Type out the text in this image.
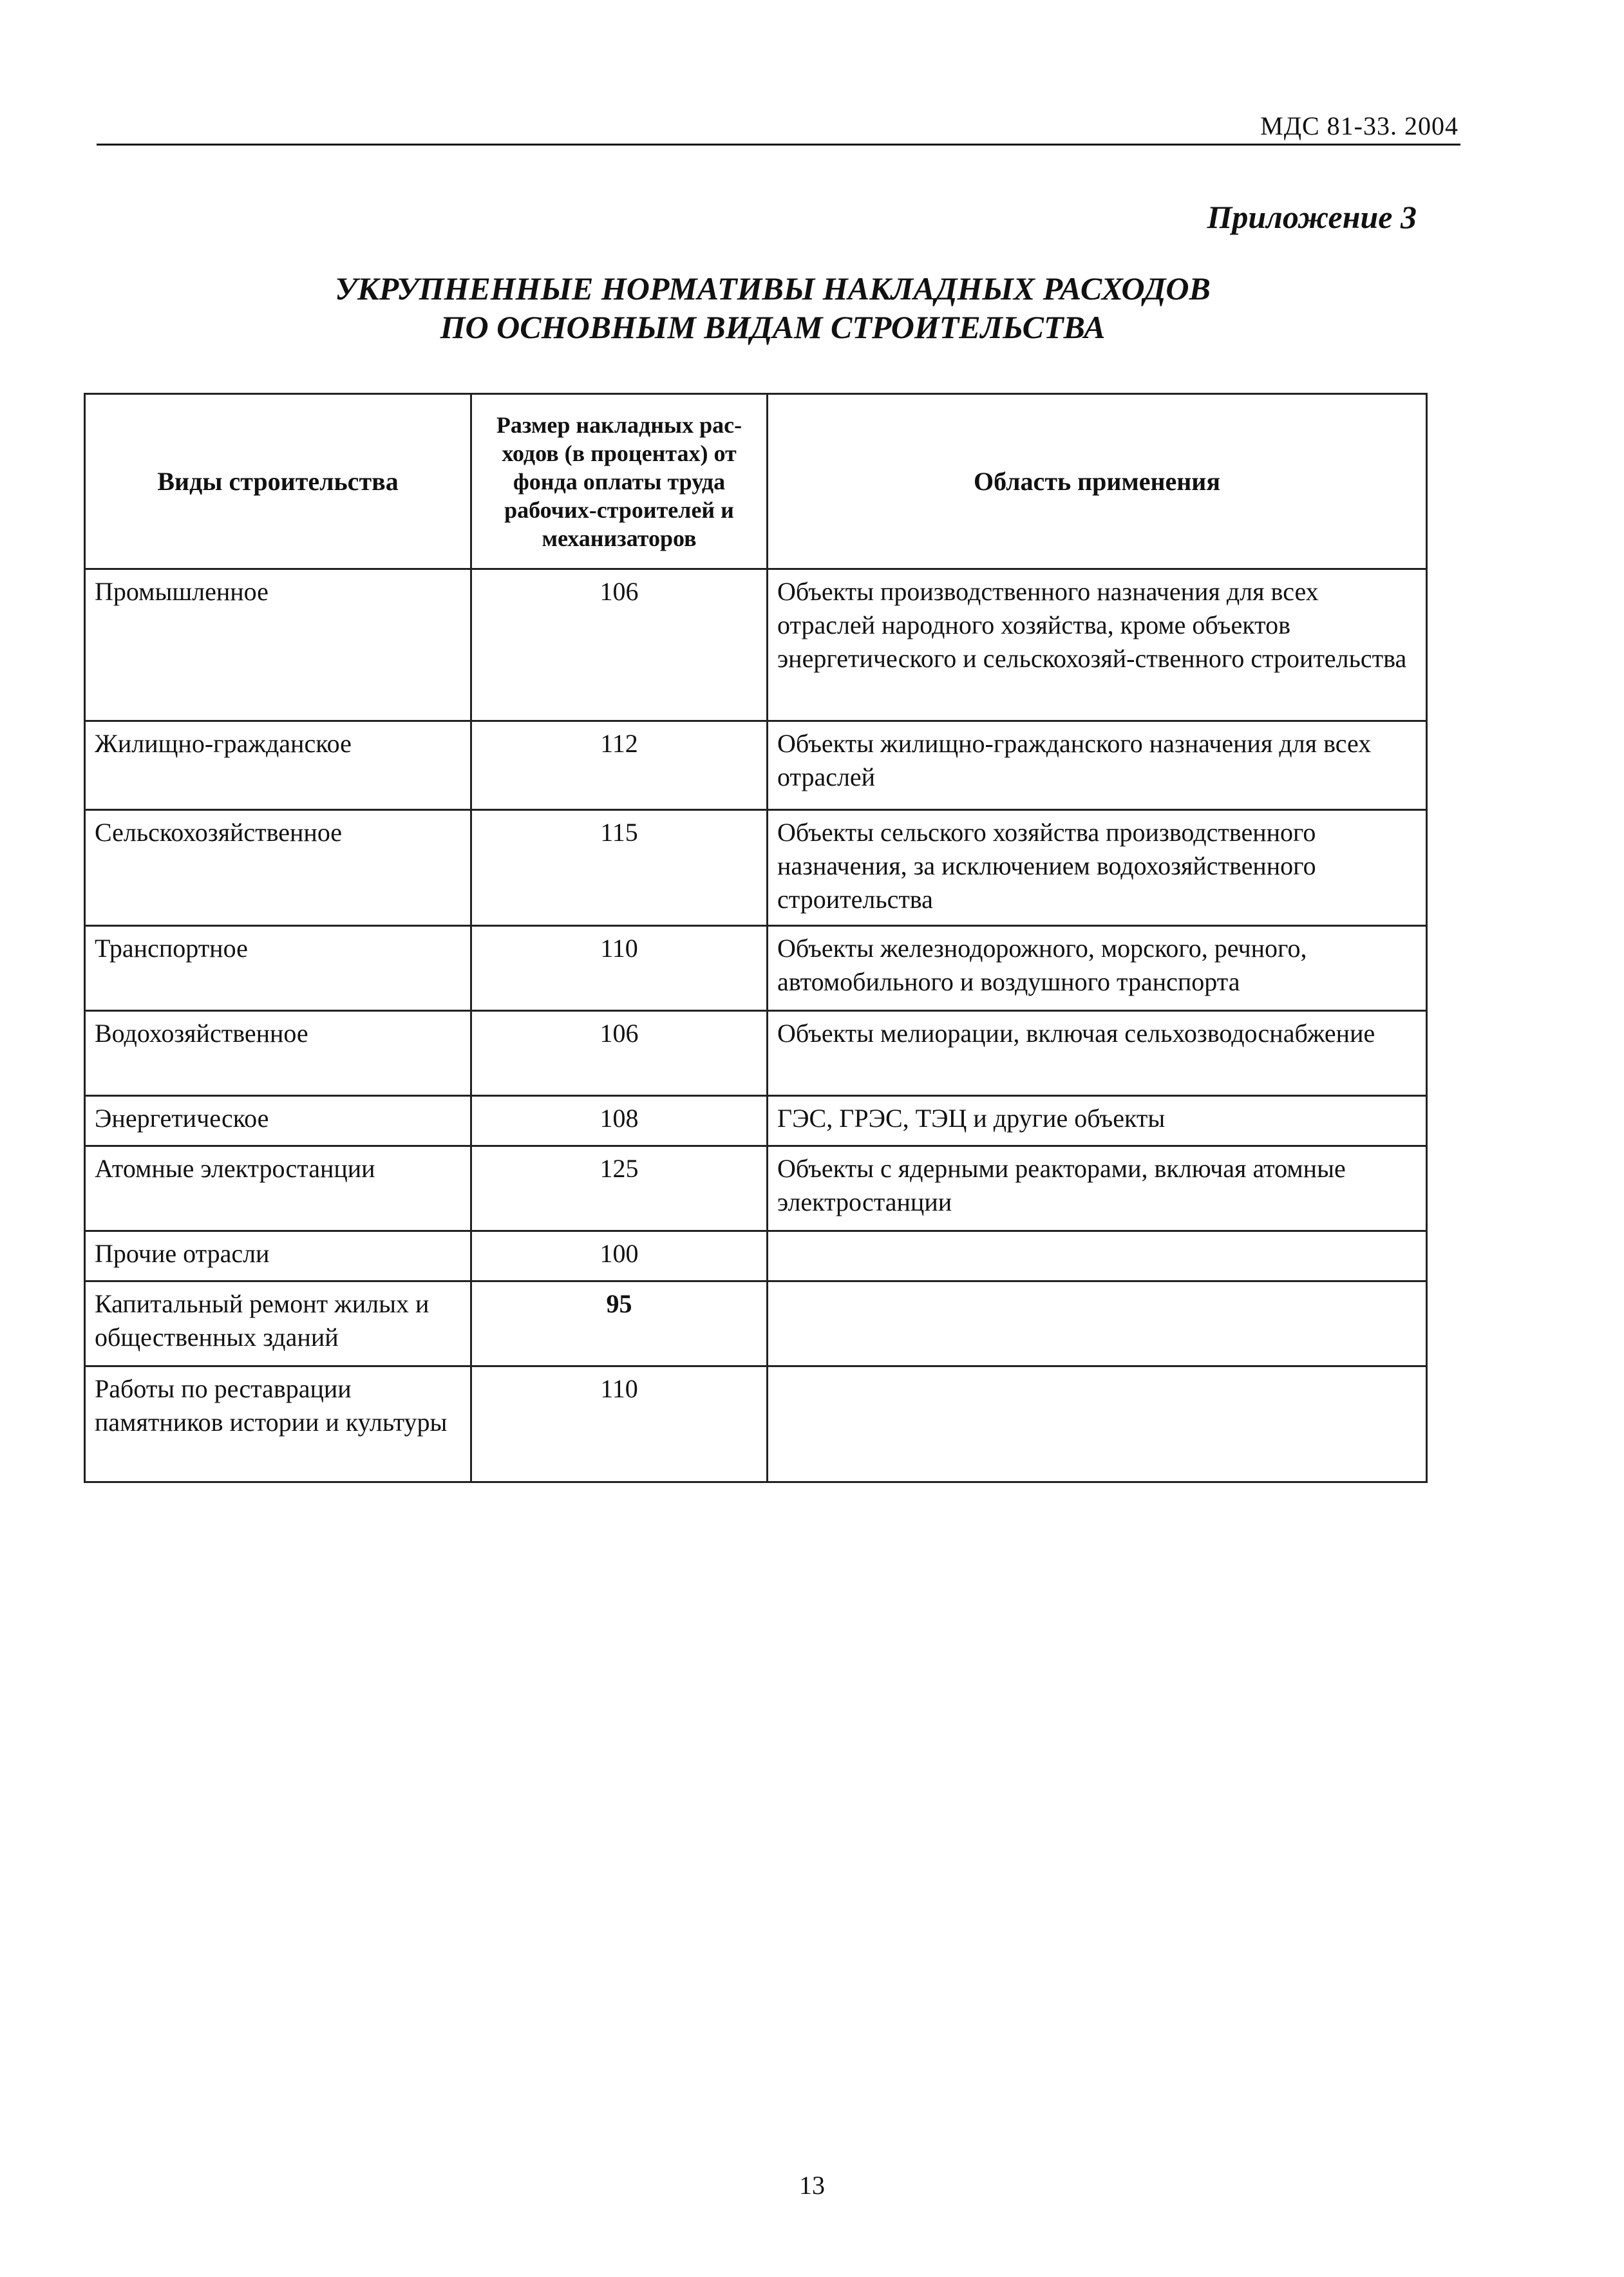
МДС 81-33. 2004
Приложение 3
УКРУПНЕННЫЕ НОРМАТИВЫ НАКЛАДНЫХ РАСХОДОВ
ПО ОСНОВНЫМ ВИДАМ СТРОИТЕЛЬСТВА
Виды строительства	Размер накладных рас-ходов (в процентах) от фонда оплаты труда рабочих-строителей и механизаторов	Область применения
Промышленное	106	Объекты производственного назначения для всех отраслей народного хозяйства, кроме объектов энергетического и сельскохозяй-ственного строительства
Жилищно-гражданское	112	Объекты жилищно-гражданского назначения для всех отраслей
Сельскохозяйственное	115	Объекты сельского хозяйства производственного назначения, за исключением водохозяйственного строительства
Транспортное	110	Объекты железнодорожного, морского, речного, автомобильного и воздушного транспорта
Водохозяйственное	106	Объекты мелиорации, включая сельхозводоснабжение
Энергетическое	108	ГЭС, ГРЭС, ТЭЦ и другие объекты
Атомные электростанции	125	Объекты с ядерными реакторами, включая атомные электростанции
Прочие отрасли	100	
Капитальный ремонт жилых и общественных зданий	95	
Работы по реставрации памятников истории и культуры	110	
13
